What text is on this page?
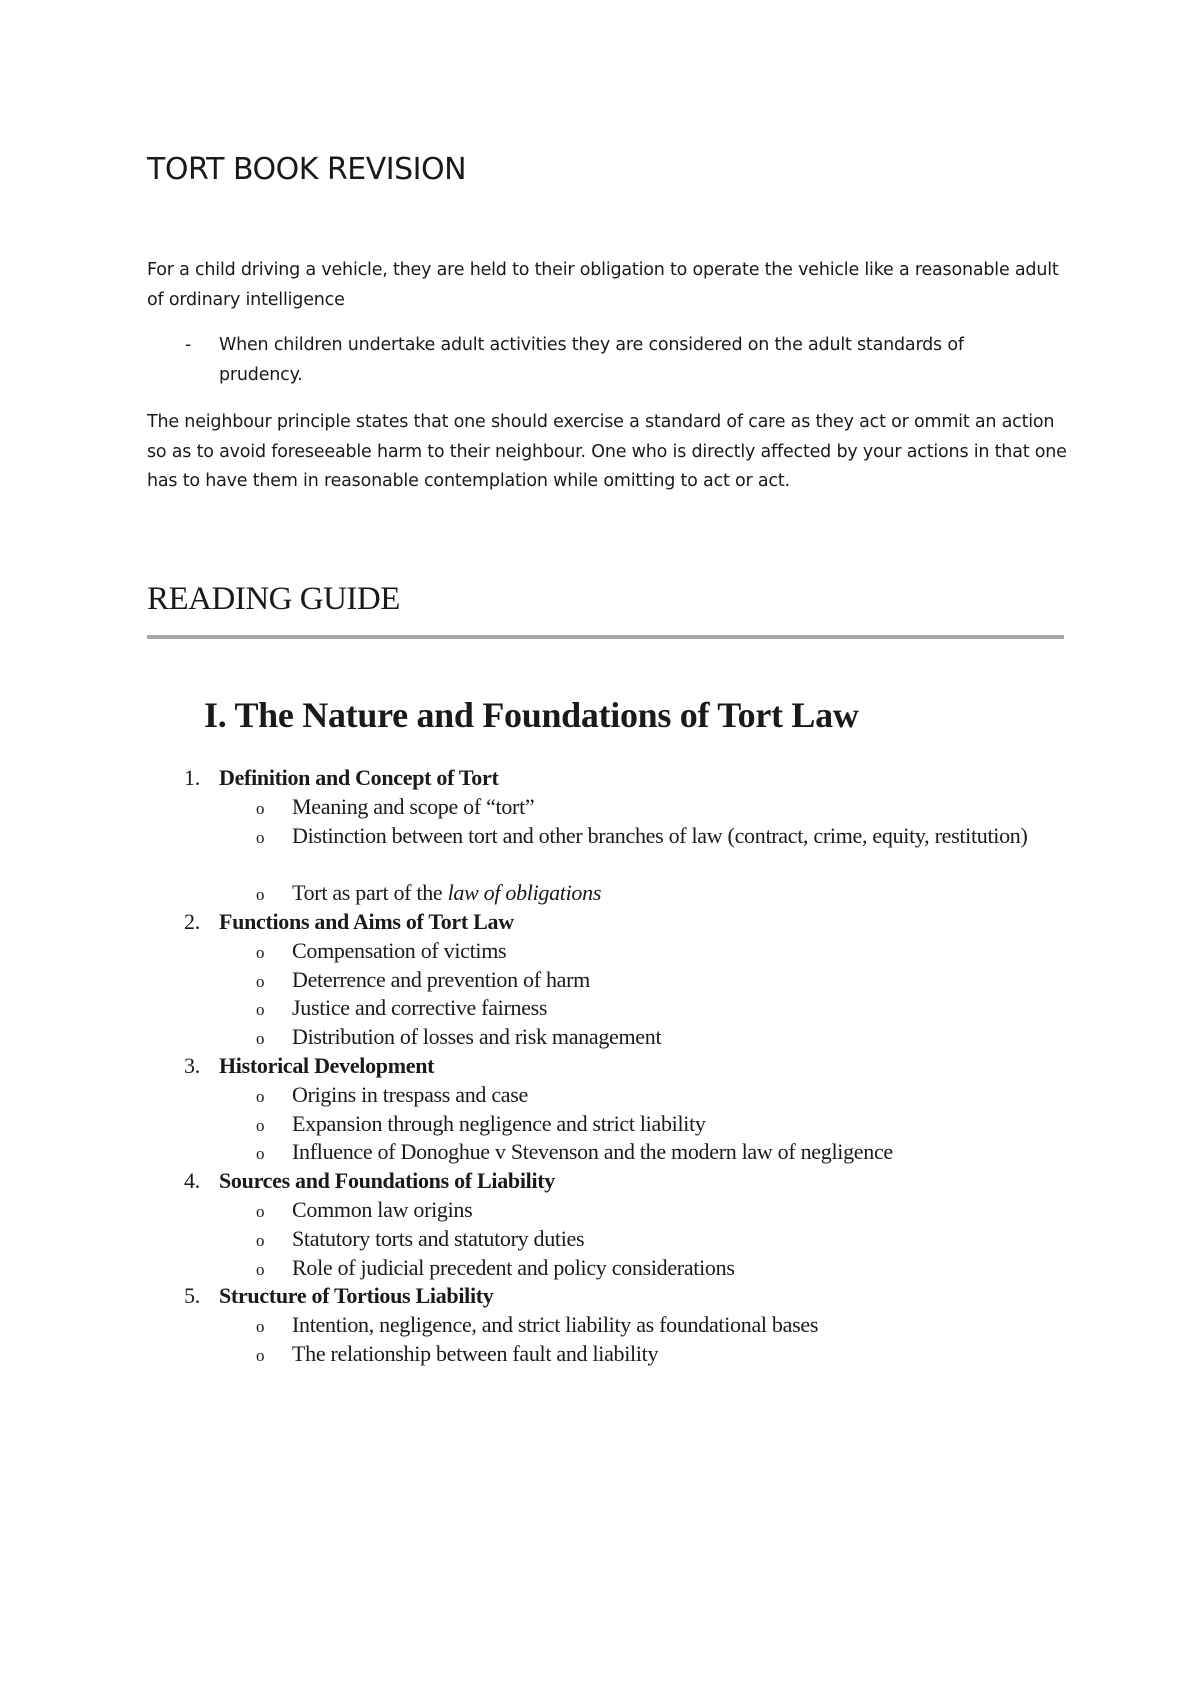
TORT BOOK REVISION

For a child driving a vehicle, they are held to their obligation to operate the vehicle like a reasonable adult of ordinary intelligence

- When children undertake adult activities they are considered on the adult standards of prudency.

The neighbour principle states that one should exercise a standard of care as they act or ommit an action so as to avoid foreseeable harm to their neighbour. One who is directly affected by your actions in that one has to have them in reasonable contemplation while omitting to act or act.

READING GUIDE
I. The Nature and Foundations of Tort Law
1. Definition and Concept of Tort
o Meaning and scope of “tort”
o Distinction between tort and other branches of law (contract, crime, equity, restitution)
o Tort as part of the law of obligations
2. Functions and Aims of Tort Law
o Compensation of victims
o Deterrence and prevention of harm
o Justice and corrective fairness
o Distribution of losses and risk management
3. Historical Development
o Origins in trespass and case
o Expansion through negligence and strict liability
o Influence of Donoghue v Stevenson and the modern law of negligence
4. Sources and Foundations of Liability
o Common law origins
o Statutory torts and statutory duties
o Role of judicial precedent and policy considerations
5. Structure of Tortious Liability
o Intention, negligence, and strict liability as foundational bases
o The relationship between fault and liability
